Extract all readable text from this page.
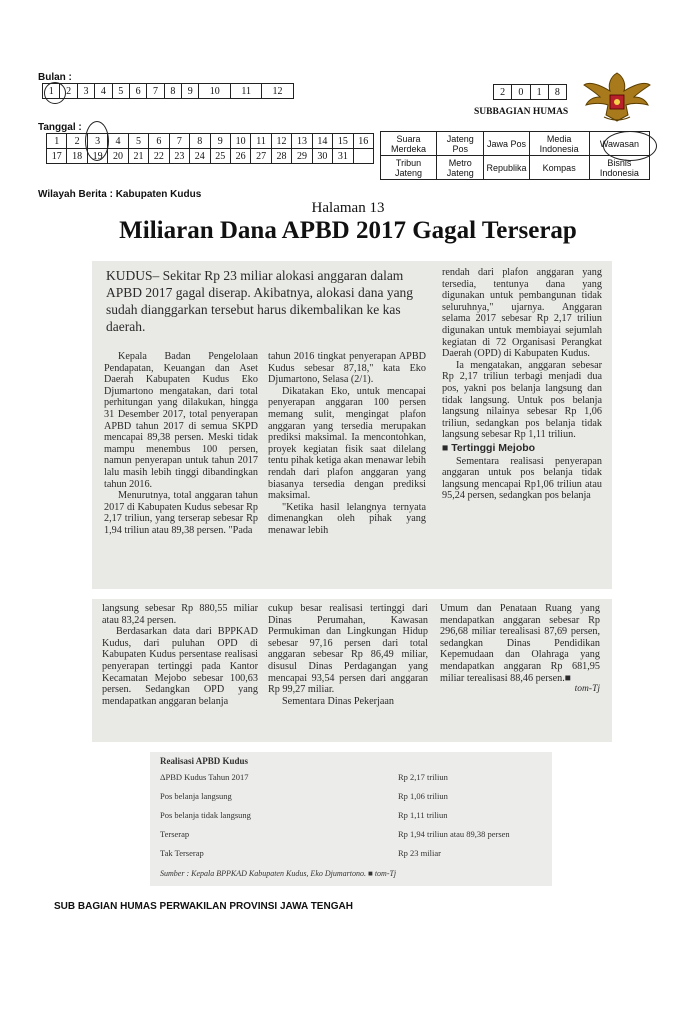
Bulan :
1	2	3	4	5	6	7	8	9	10	11	12
Tanggal :
1	2	3	4	5	6	7	8	9	10	11	12	13	14	15	16
17	18	19	20	21	22	23	24	25	26	27	28	29	30	31	
2	0	1	8
SUBBAGIAN HUMAS
Suara Merdeka	Jateng Pos	Jawa Pos	Media Indonesia	Wawasan
Tribun Jateng	Metro Jateng	Republika	Kompas	Bisnis Indonesia
Wilayah Berita : Kabupaten Kudus
Halaman 13
Miliaran Dana APBD 2017 Gagal Terserap
KUDUS– Sekitar Rp 23 miliar alokasi anggaran dalam APBD 2017 gagal diserap. Akibatnya, alokasi dana yang sudah dianggarkan tersebut harus dikembalikan ke kas daerah.

Kepala Badan Pengelolaan Pendapatan, Keuangan dan Aset Daerah Kabupaten Kudus Eko Djumartono mengatakan, dari total perhitungan yang dilakukan, hingga 31 Desember 2017, total penyerapan APBD tahun 2017 di semua SKPD mencapai 89,38 persen. Meski tidak mampu menembus 100 persen, namun penyerapan untuk tahun 2017 lalu masih lebih tinggi dibandingkan tahun 2016.

Menurutnya, total anggaran tahun 2017 di Kabupaten Kudus sebesar Rp 2,17 triliun, yang terserap sebesar Rp 1,94 triliun atau 89,38 persen. "Pada

tahun 2016 tingkat penyerapan APBD Kudus sebesar 87,18," kata Eko Djumartono, Selasa (2/1).

Dikatakan Eko, untuk mencapai penyerapan anggaran 100 persen memang sulit, mengingat plafon anggaran yang tersedia merupakan prediksi maksimal. Ia mencontohkan, proyek kegiatan fisik saat dilelang tentu pihak ketiga akan menawar lebih rendah dari plafon anggaran yang biasanya tersedia dengan prediksi maksimal.

"Ketika hasil lelangnya ternyata dimenangkan oleh pihak yang menawar lebih

rendah dari plafon anggaran yang tersedia, tentunya dana yang digunakan untuk pembangunan tidak seluruhnya," ujarnya. Anggaran selama 2017 sebesar Rp 2,17 triliun digunakan untuk membiayai sejumlah kegiatan di 72 Organisasi Perangkat Daerah (OPD) di Kabupaten Kudus.

Ia mengatakan, anggaran sebesar Rp 2,17 triliun terbagi menjadi dua pos, yakni pos belanja langsung dan tidak langsung. Untuk pos belanja langsung nilainya sebesar Rp 1,06 triliun, sedangkan pos belanja tidak langsung sebesar Rp 1,11 triliun.

■ Tertinggi Mejobo

Sementara realisasi penyerapan anggaran untuk pos belanja tidak langsung mencapai Rp1,06 triliun atau 95,24 persen, sedangkan pos belanja

langsung sebesar Rp 880,55 miliar atau 83,24 persen.

Berdasarkan data dari BPPKAD Kudus, dari puluhan OPD di Kabupaten Kudus persentase realisasi penyerapan tertinggi pada Kantor Kecamatan Mejobo sebesar 100,63 persen. Sedangkan OPD yang mendapatkan anggaran belanja

cukup besar realisasi tertinggi dari Dinas Perumahan, Kawasan Permukiman dan Lingkungan Hidup sebesar 97,16 persen dari total anggaran sebesar Rp 86,49 miliar, disusul Dinas Perdagangan yang mencapai 93,54 persen dari anggaran Rp 99,27 miliar.

Sementara Dinas Pekerjaan

Umum dan Penataan Ruang yang mendapatkan anggaran sebesar Rp 296,68 miliar terealisasi 87,69 persen, sedangkan Dinas Pendidikan Kepemudaan dan Olahraga yang mendapatkan anggaran Rp 681,95 miliar terealisasi 88,46 persen.■

tom-Tj
Realisasi APBD Kudus
ΔPBD Kudus Tahun 2017	Rp 2,17 triliun
Pos belanja langsung	Rp 1,06 triliun
Pos belanja tidak langsung	Rp 1,11 triliun
Terserap	Rp 1,94 triliun atau 89,38 persen
Tak Terserap	Rp 23 miliar
Sumber : Kepala BPPKAD Kabupaten Kudus, Eko Djumartono. ■ tom-Tj
SUB BAGIAN HUMAS PERWAKILAN PROVINSI JAWA TENGAH
